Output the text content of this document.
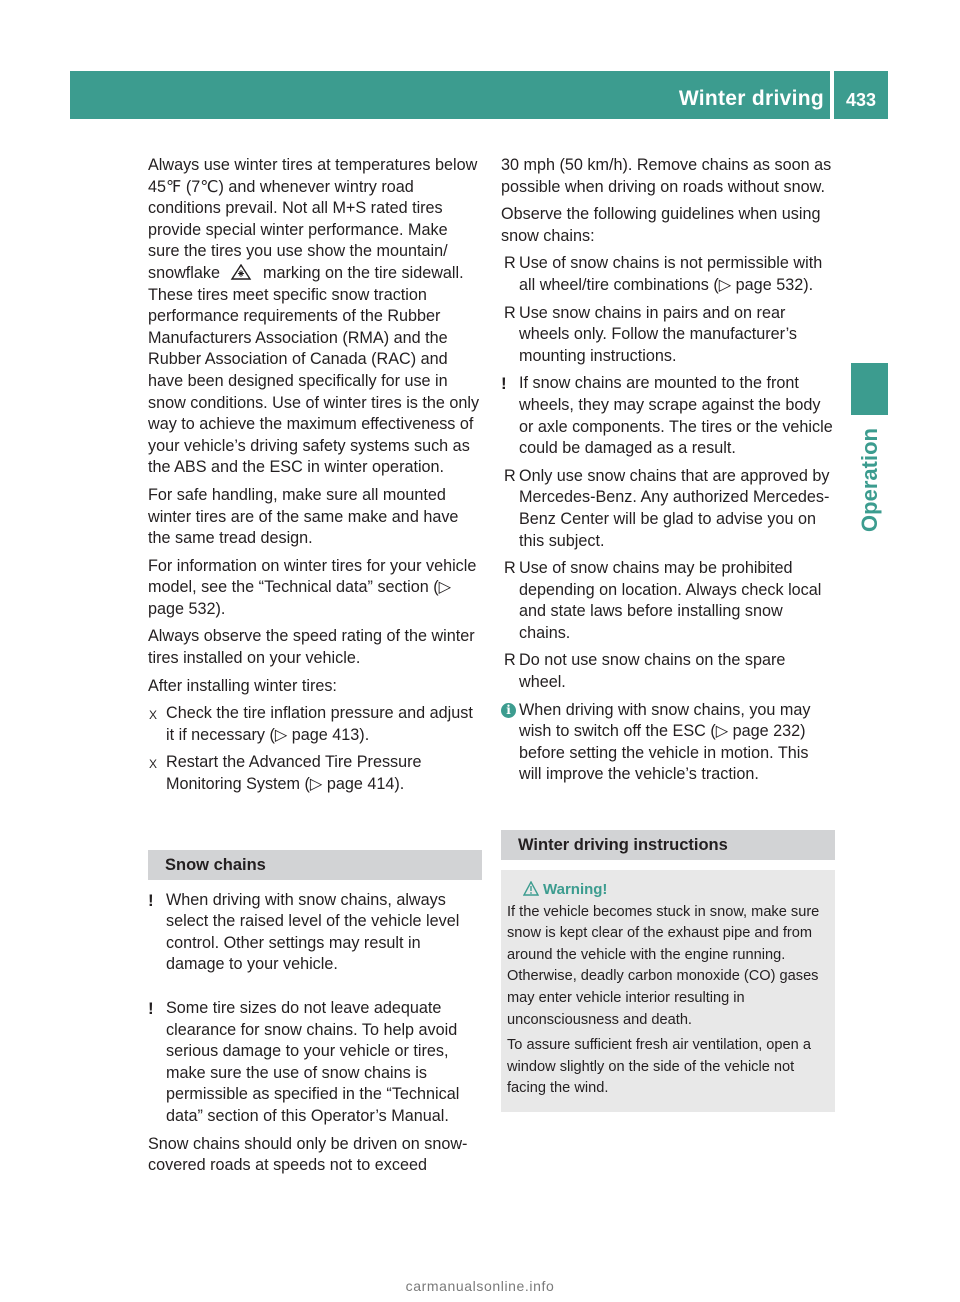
Winter driving	433
Operation

Always use winter tires at temperatures below 45℉ (7℃) and whenever wintry road conditions prevail. Not all M+S rated tires provide special winter performance. Make sure the tires you use show the mountain/ snowflake	marking on the tire sidewall. These tires meet specific snow traction performance requirements of the Rubber Manufacturers Association (RMA) and the Rubber Association of Canada (RAC) and have been designed specifically for use in snow conditions. Use of winter tires is the only way to achieve the maximum effectiveness of your vehicle’s driving safety systems such as the ABS and the ESC in winter operation.

For safe handling, make sure all mounted winter tires are of the same make and have the same tread design.

For information on winter tires for your vehicle model, see the “Technical data” section (▷ page 532).

Always observe the speed rating of the winter tires installed on your vehicle.

After installing winter tires:

X Check the tire inflation pressure and adjust it if necessary (▷ page 413).
X Restart the Advanced Tire Pressure Monitoring System (▷ page 414).
Snow chains
! When driving with snow chains, always select the raised level of the vehicle level control. Other settings may result in damage to your vehicle.
! Some tire sizes do not leave adequate clearance for snow chains. To help avoid serious damage to your vehicle or tires, make sure the use of snow chains is permissible as specified in the “Technical data” section of this Operator’s Manual.

Snow chains should only be driven on snow-covered roads at speeds not to exceed

30 mph (50 km/h). Remove chains as soon as possible when driving on roads without snow.

Observe the following guidelines when using snow chains:

R Use of snow chains is not permissible with all wheel/tire combinations (▷ page 532).
R Use snow chains in pairs and on rear wheels only. Follow the manufacturer’s mounting instructions.
! If snow chains are mounted to the front wheels, they may scrape against the body or axle components. The tires or the vehicle could be damaged as a result.
R Only use snow chains that are approved by Mercedes-Benz. Any authorized Mercedes-Benz Center will be glad to advise you on this subject.
R Use of snow chains may be prohibited depending on location. Always check local and state laws before installing snow chains.
R Do not use snow chains on the spare wheel.
i When driving with snow chains, you may wish to switch off the ESC (▷ page 232) before setting the vehicle in motion. This will improve the vehicle’s traction.
Winter driving instructions
Warning!

If the vehicle becomes stuck in snow, make sure snow is kept clear of the exhaust pipe and from around the vehicle with the engine running. Otherwise, deadly carbon monoxide (CO) gases may enter vehicle interior resulting in unconsciousness and death.

To assure sufficient fresh air ventilation, open a window slightly on the side of the vehicle not facing the wind.

carmanualsonline.info
